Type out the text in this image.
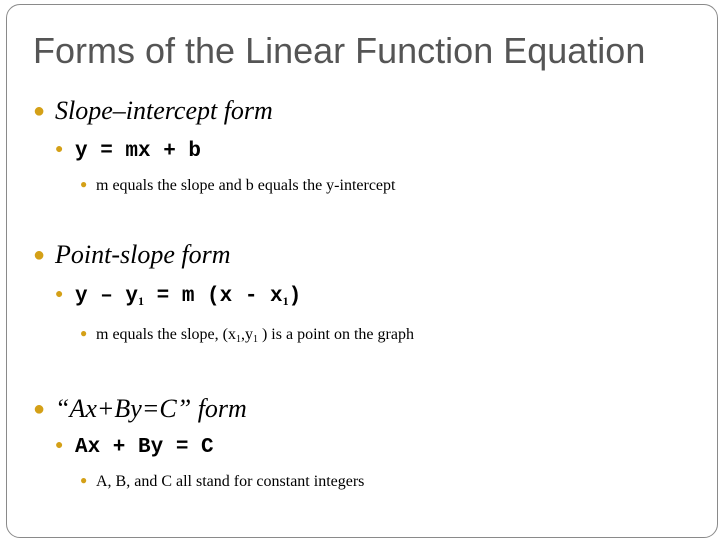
Forms of the Linear Function Equation
● Slope–intercept form
● y = mx + b
● m equals the slope and b equals the y-intercept
● Point-slope form
● $y - y_1 = m$ $(x - x_1)$
● m equals the slope, ($x_1,y_1$ ) is a point on the graph
● “Ax+By=C” form
● Ax + By = C
● A, B, and C all stand for constant integers
